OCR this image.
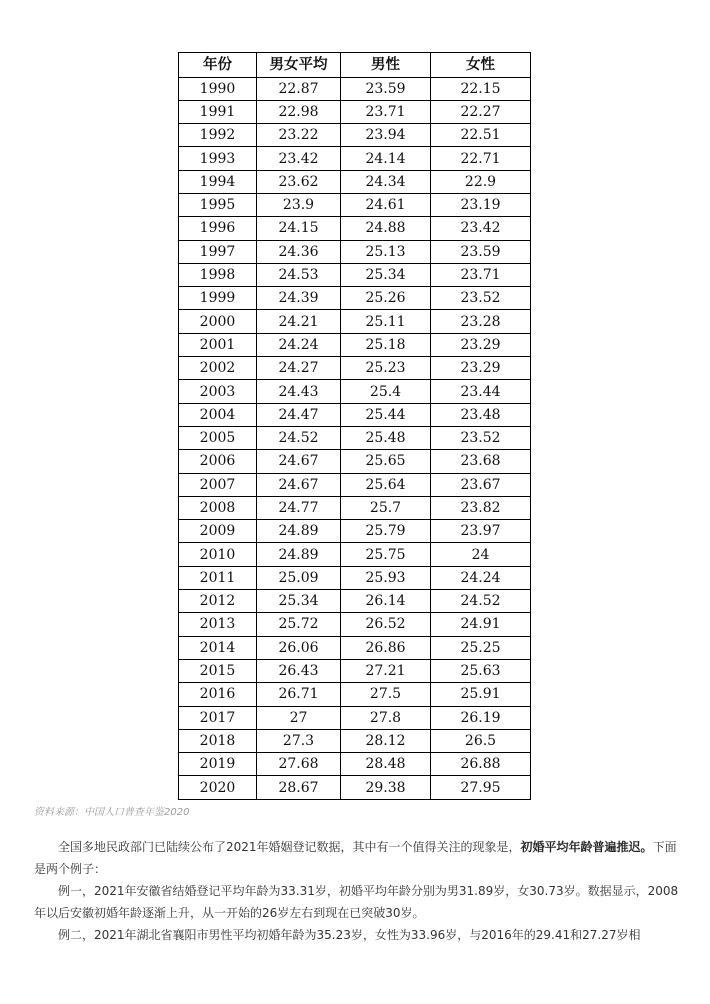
年份	男女平均	男性	女性
1990	22.87	23.59	22.15
1991	22.98	23.71	22.27
1992	23.22	23.94	22.51
1993	23.42	24.14	22.71
1994	23.62	24.34	22.9
1995	23.9	24.61	23.19
1996	24.15	24.88	23.42
1997	24.36	25.13	23.59
1998	24.53	25.34	23.71
1999	24.39	25.26	23.52
2000	24.21	25.11	23.28
2001	24.24	25.18	23.29
2002	24.27	25.23	23.29
2003	24.43	25.4	23.44
2004	24.47	25.44	23.48
2005	24.52	25.48	23.52
2006	24.67	25.65	23.68
2007	24.67	25.64	23.67
2008	24.77	25.7	23.82
2009	24.89	25.79	23.97
2010	24.89	25.75	24
2011	25.09	25.93	24.24
2012	25.34	26.14	24.52
2013	25.72	26.52	24.91
2014	26.06	26.86	25.25
2015	26.43	27.21	25.63
2016	26.71	27.5	25.91
2017	27	27.8	26.19
2018	27.3	28.12	26.5
2019	27.68	28.48	26.88
2020	28.67	29.38	27.95
资料来源：中国人口普查年鉴2020
全国多地民政部门已陆续公布了2021年婚姻登记数据，其中有一个值得关注的现象是，初婚平均年龄普遍推迟。下面是两个例子：
例一，2021年安徽省结婚登记平均年龄为33.31岁，初婚平均年龄分别为男31.89岁，女30.73岁。数据显示，2008年以后安徽初婚年龄逐渐上升，从一开始的26岁左右到现在已突破30岁。
例二，2021年湖北省襄阳市男性平均初婚年龄为35.23岁，女性为33.96岁，与2016年的29.41和27.27岁相
